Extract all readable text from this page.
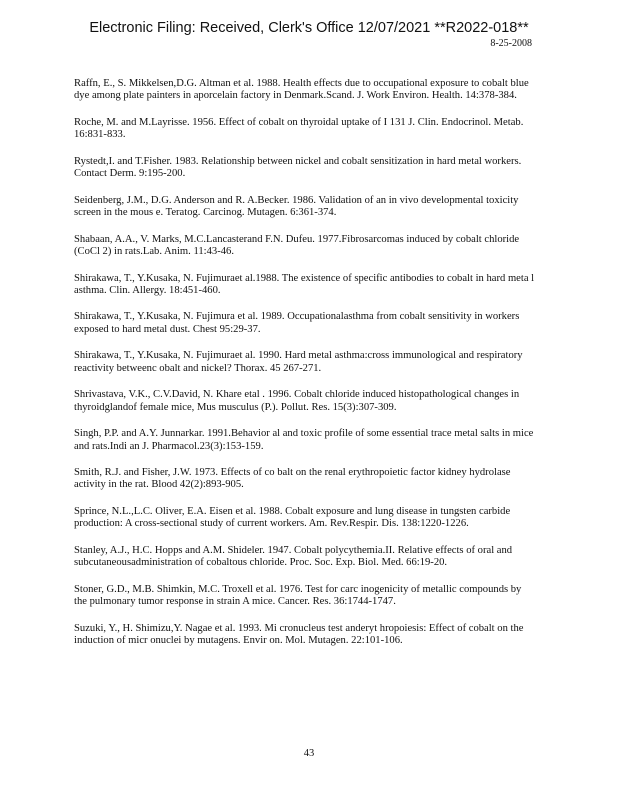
Electronic Filing: Received, Clerk's Office 12/07/2021 **R2022-018**
8-25-2008

Raffn, E., S. Mikkelsen,D.G. Altman et al. 1988. Health effects due to occupational exposure to cobalt blue dye among plate painters in aporcelain factory in Denmark.Scand. J. Work Environ. Health. 14:378-384.

Roche, M. and M.Layrisse. 1956. Effect of cobalt on thyroidal uptake of I 131 J. Clin. Endocrinol. Metab. 16:831-833.

Rystedt,I. and T.Fisher. 1983. Relationship between nickel and cobalt sensitization in hard metal workers. Contact Derm. 9:195-200.

Seidenberg, J.M., D.G. Anderson and R. A.Becker. 1986. Validation of an in vivo developmental toxicity screen in the mous e. Teratog. Carcinog. Mutagen. 6:361-374.

Shabaan, A.A., V. Marks, M.C.Lancasterand F.N. Dufeu. 1977.Fibrosarcomas induced by cobalt chloride (CoCl 2) in rats.Lab. Anim. 11:43-46.

Shirakawa, T., Y.Kusaka, N. Fujimuraet al.1988. The existence of specific antibodies to cobalt in hard meta l asthma. Clin. Allergy. 18:451-460.

Shirakawa, T., Y.Kusaka, N. Fujimura et al. 1989. Occupationalasthma from cobalt sensitivity in workers exposed to hard metal dust. Chest 95:29-37.

Shirakawa, T., Y.Kusaka, N. Fujimuraet al. 1990. Hard metal asthma:cross immunological and respiratory reactivity betweenc obalt and nickel? Thorax. 45 267-271.

Shrivastava, V.K., C.V.David, N. Khare etal . 1996. Cobalt chloride induced histopathological changes in thyroidglandof female mice, Mus musculus (P.). Pollut. Res. 15(3):307-309.

Singh, P.P. and A.Y. Junnarkar. 1991.Behavior al and toxic profile of some essential trace metal salts in mice and rats.Indi an J. Pharmacol.23(3):153-159.

Smith, R.J. and Fisher, J.W. 1973. Effects of co balt on the renal erythropoietic factor kidney hydrolase activity in the rat. Blood 42(2):893-905.

Sprince, N.L.,L.C. Oliver, E.A. Eisen et al. 1988. Cobalt exposure and lung disease in tungsten carbide production: A cross-sectional study of current workers. Am. Rev.Respir. Dis. 138:1220-1226.

Stanley, A.J., H.C. Hopps and A.M. Shideler. 1947. Cobalt polycythemia.II. Relative effects of oral and subcutaneousadministration of cobaltous chloride. Proc. Soc. Exp. Biol. Med. 66:19-20.

Stoner, G.D., M.B. Shimkin, M.C. Troxell et al. 1976. Test for carc inogenicity of metallic compounds by the pulmonary tumor response in strain A mice. Cancer. Res. 36:1744-1747.

Suzuki, Y., H. Shimizu,Y. Nagae et al. 1993. Mi cronucleus test anderyt hropoiesis: Effect of cobalt on the induction of micr onuclei by mutagens. Envir on. Mol. Mutagen. 22:101-106.

43
